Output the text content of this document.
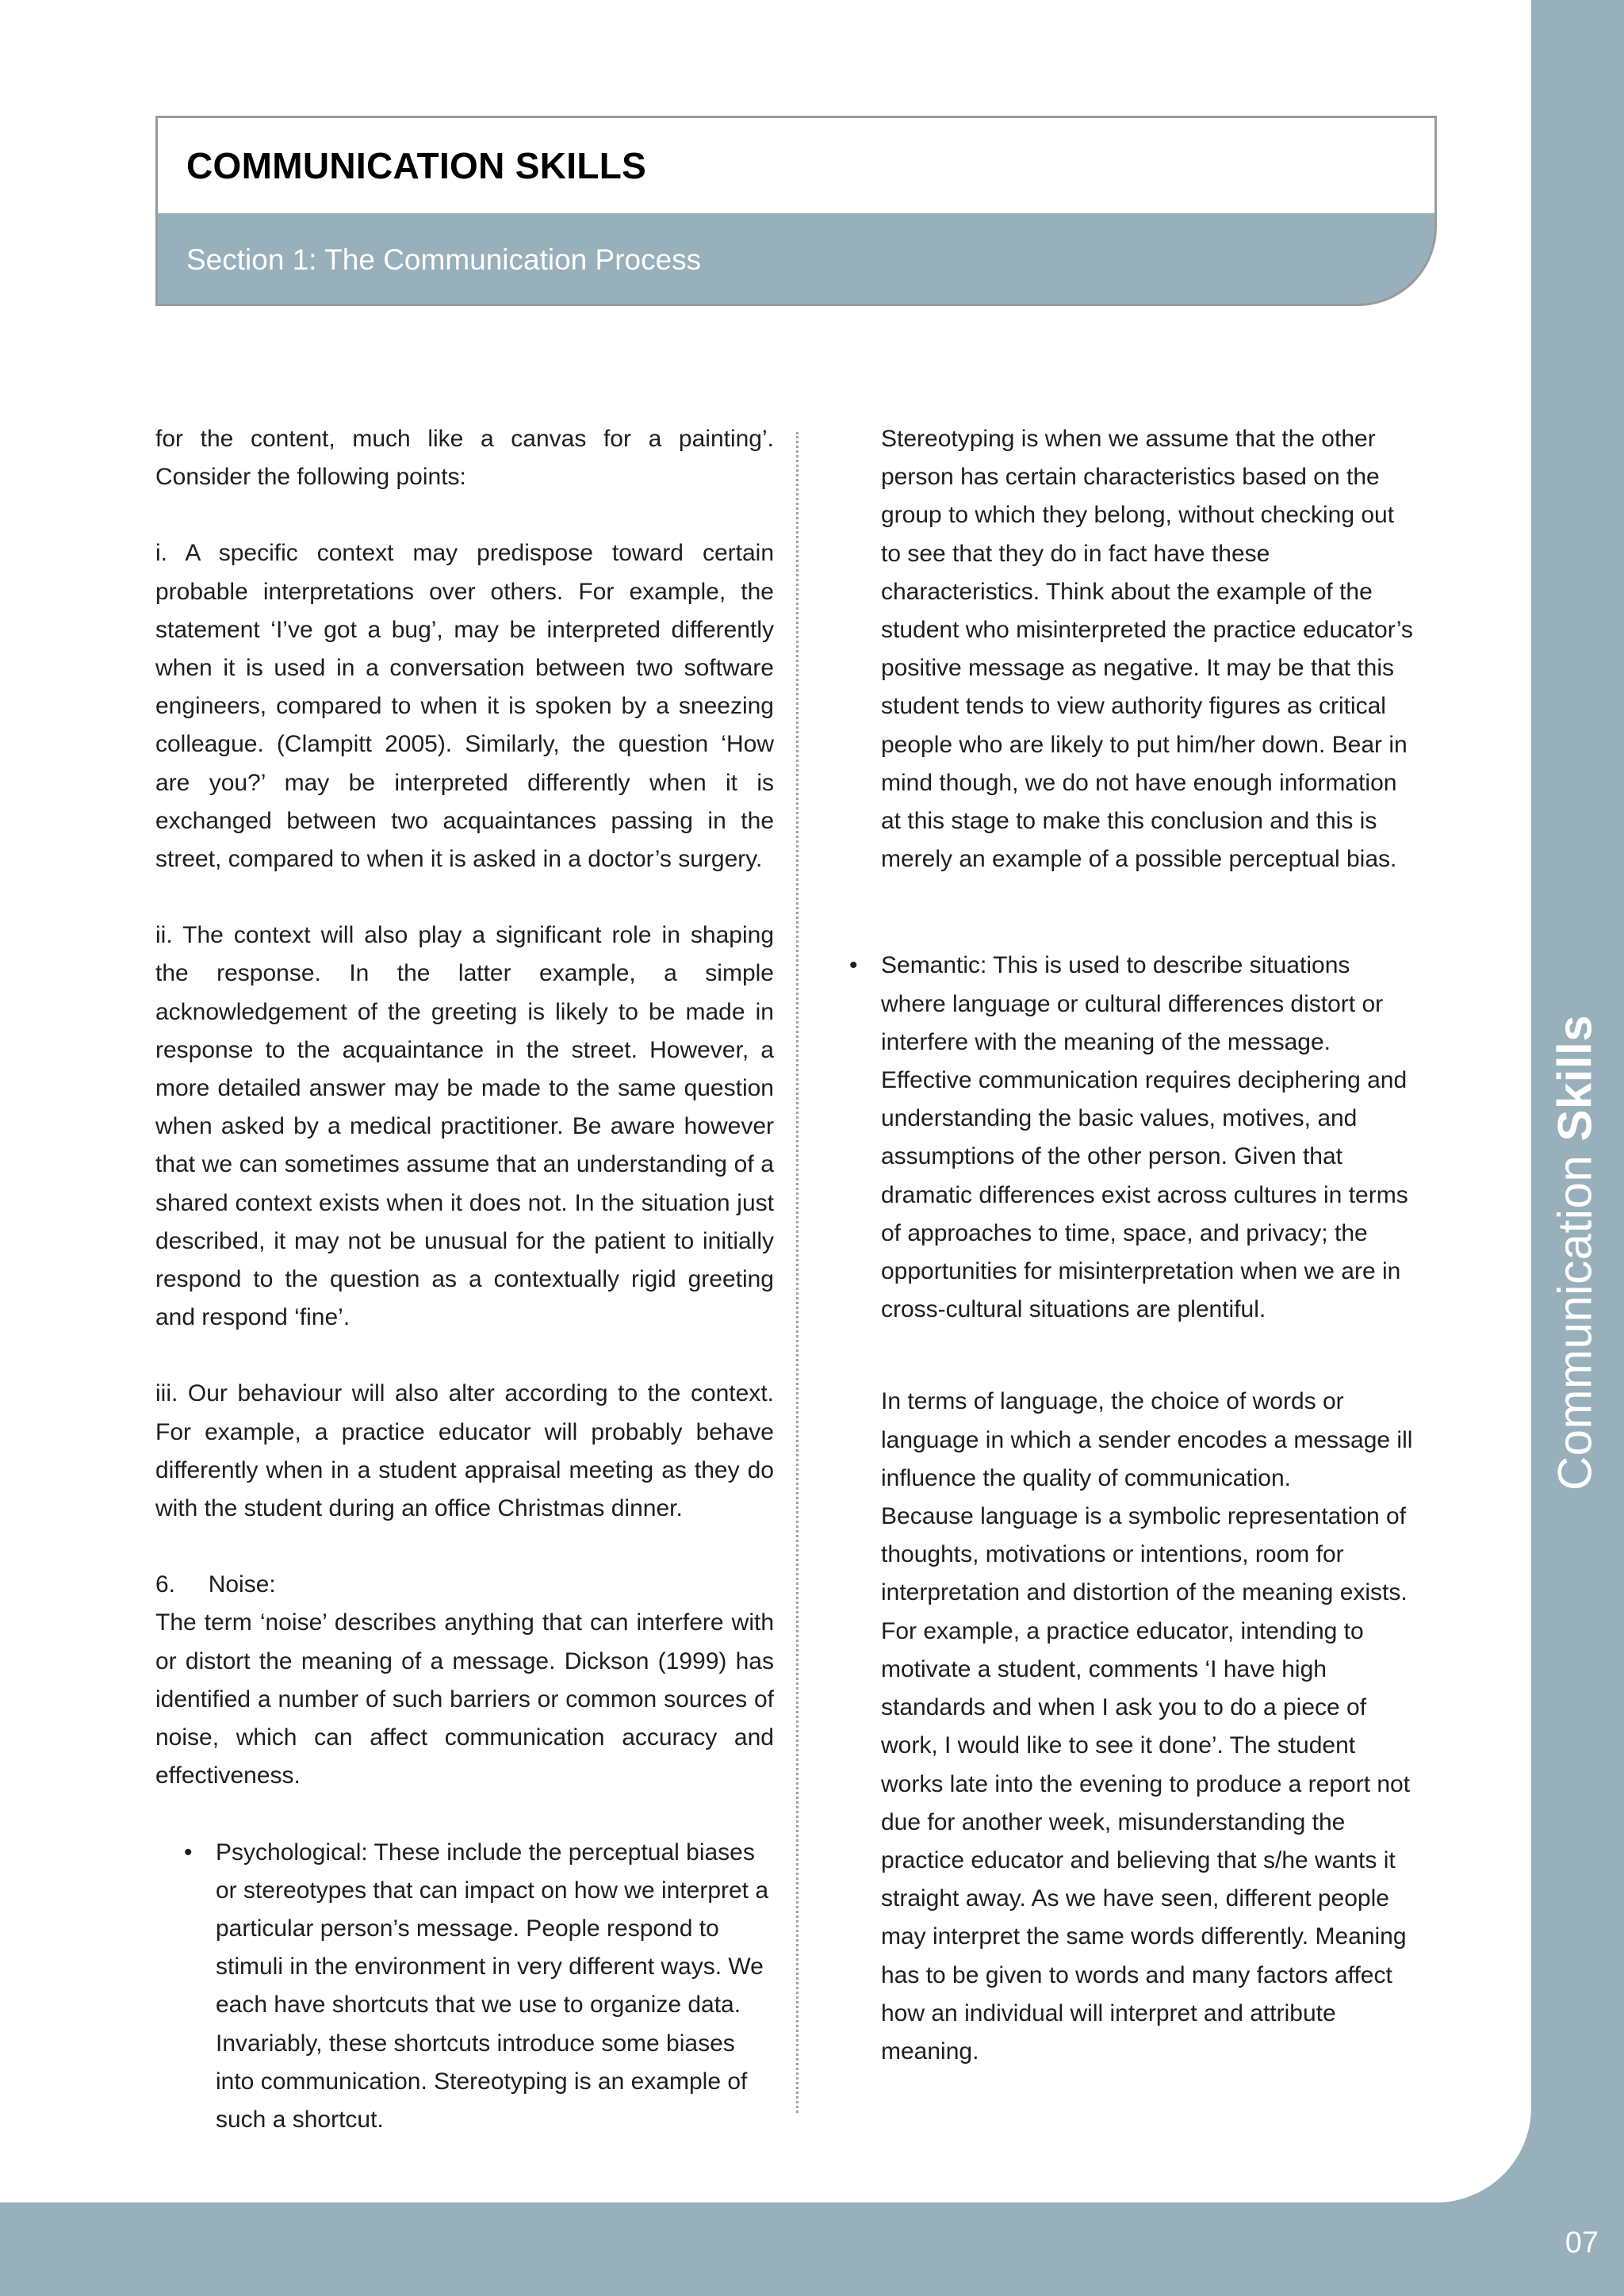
Communication Skills
07
COMMUNICATION SKILLS
Section 1: The Communication Process

for the content, much like a canvas for a painting’. Consider the following points:

i. A specific context may predispose toward certain probable interpretations over others. For example, the statement ‘I’ve got a bug’, may be interpreted differently when it is used in a conversation between two software engineers, compared to when it is spoken by a sneezing colleague. (Clampitt 2005). Similarly, the question ‘How are you?’ may be interpreted differently when it is exchanged between two acquaintances passing in the street, compared to when it is asked in a doctor’s surgery.

ii. The context will also play a significant role in shaping the response. In the latter example, a simple acknowledgement of the greeting is likely to be made in response to the acquaintance in the street. However, a more detailed answer may be made to the same question when asked by a medical practitioner. Be aware however that we can sometimes assume that an understanding of a shared context exists when it does not. In the situation just described, it may not be unusual for the patient to initially respond to the question as a contextually rigid greeting and respond ‘fine’.

iii. Our behaviour will also alter according to the context. For example, a practice educator will probably behave differently when in a student appraisal meeting as they do with the student during an office Christmas dinner.

6.     Noise:

The term ‘noise’ describes anything that can interfere with or distort the meaning of a message. Dickson (1999) has identified a number of such barriers or common sources of noise, which can affect communication accuracy and effectiveness.

• Psychological: These include the perceptual biases or stereotypes that can impact on how we interpret a particular person’s message. People respond to stimuli in the environment in very different ways. We each have shortcuts that we use to organize data. Invariably, these shortcuts introduce some biases into communication. Stereotyping is an example of such a shortcut.

Stereotyping is when we assume that the other person has certain characteristics based on the group to which they belong, without checking out to see that they do in fact have these characteristics. Think about the example of the student who misinterpreted the practice educator’s positive message as negative. It may be that this student tends to view authority figures as critical people who are likely to put him/her down. Bear in mind though, we do not have enough information at this stage to make this conclusion and this is merely an example of a possible perceptual bias.

• Semantic: This is used to describe situations where language or cultural differences distort or interfere with the meaning of the message. Effective communication requires deciphering and understanding the basic values, motives, and assumptions of the other person. Given that dramatic differences exist across cultures in terms of approaches to time, space, and privacy; the opportunities for misinterpretation when we are in cross-cultural situations are plentiful.

In terms of language, the choice of words or language in which a sender encodes a message ill influence the quality of communication.

Because language is a symbolic representation of thoughts, motivations or intentions, room for interpretation and distortion of the meaning exists. For example, a practice educator, intending to motivate a student, comments ‘I have high standards and when I ask you to do a piece of work, I would like to see it done’. The student works late into the evening to produce a report not due for another week, misunderstanding the practice educator and believing that s/he wants it straight away. As we have seen, different people may interpret the same words differently. Meaning has to be given to words and many factors affect how an individual will interpret and attribute meaning.
